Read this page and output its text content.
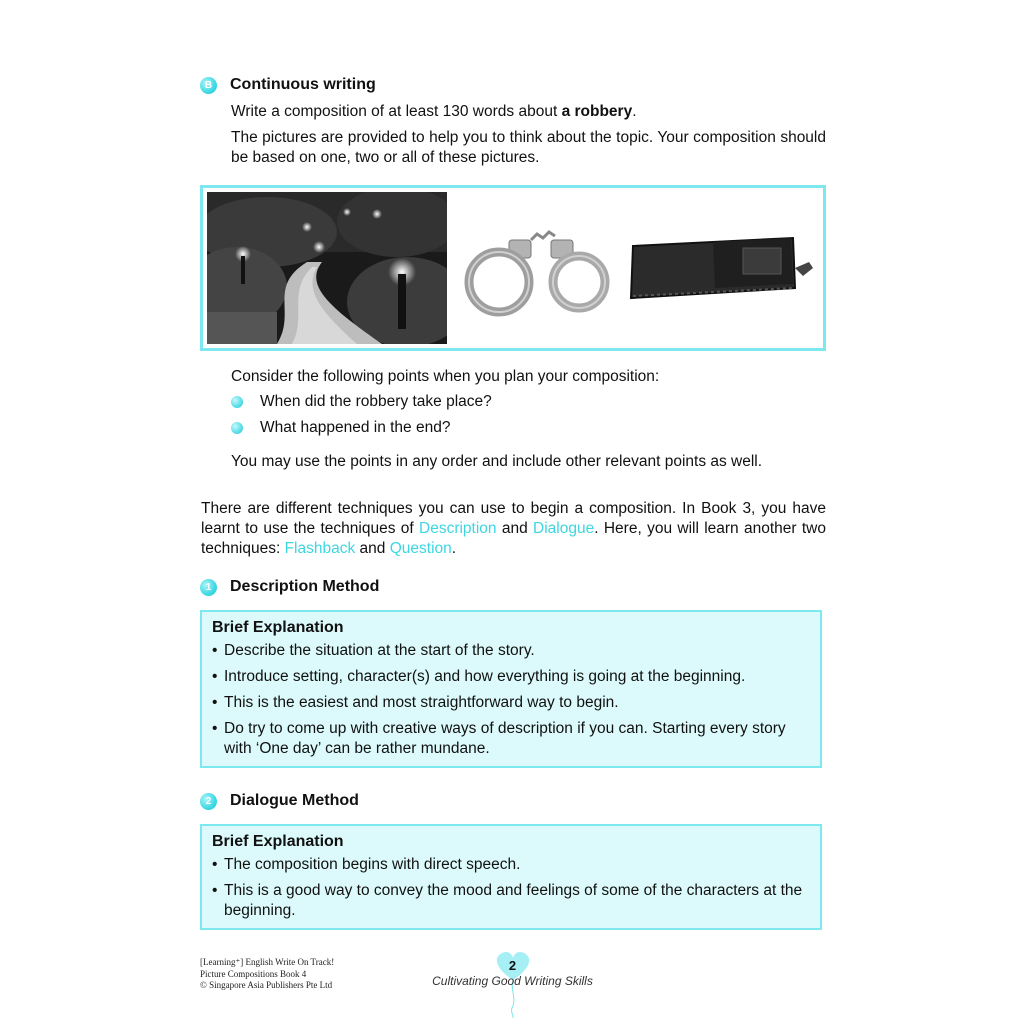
B	Continuous writing
Write a composition of at least 130 words about a robbery.
The pictures are provided to help you to think about the topic. Your composition should be based on one, two or all of these pictures.
Consider the following points when you plan your composition:
When did the robbery take place?
What happened in the end?
You may use the points in any order and include other relevant points as well.
There are different techniques you can use to begin a composition. In Book 3, you have learnt to use the techniques of Description and Dialogue. Here, you will learn another two techniques: Flashback and Question.
1	Description Method
Brief Explanation
• Describe the situation at the start of the story.
• Introduce setting, character(s) and how everything is going at the beginning.
• This is the easiest and most straightforward way to begin.
• Do try to come up with creative ways of description if you can. Starting every story with ‘One day’ can be rather mundane.
2	Dialogue Method
Brief Explanation
• The composition begins with direct speech.
• This is a good way to convey the mood and feelings of some of the characters at the beginning.
[Learning⁺] English Write On Track!
Picture Compositions Book 4
© Singapore Asia Publishers Pte Ltd
2
Cultivating Good Writing Skills
